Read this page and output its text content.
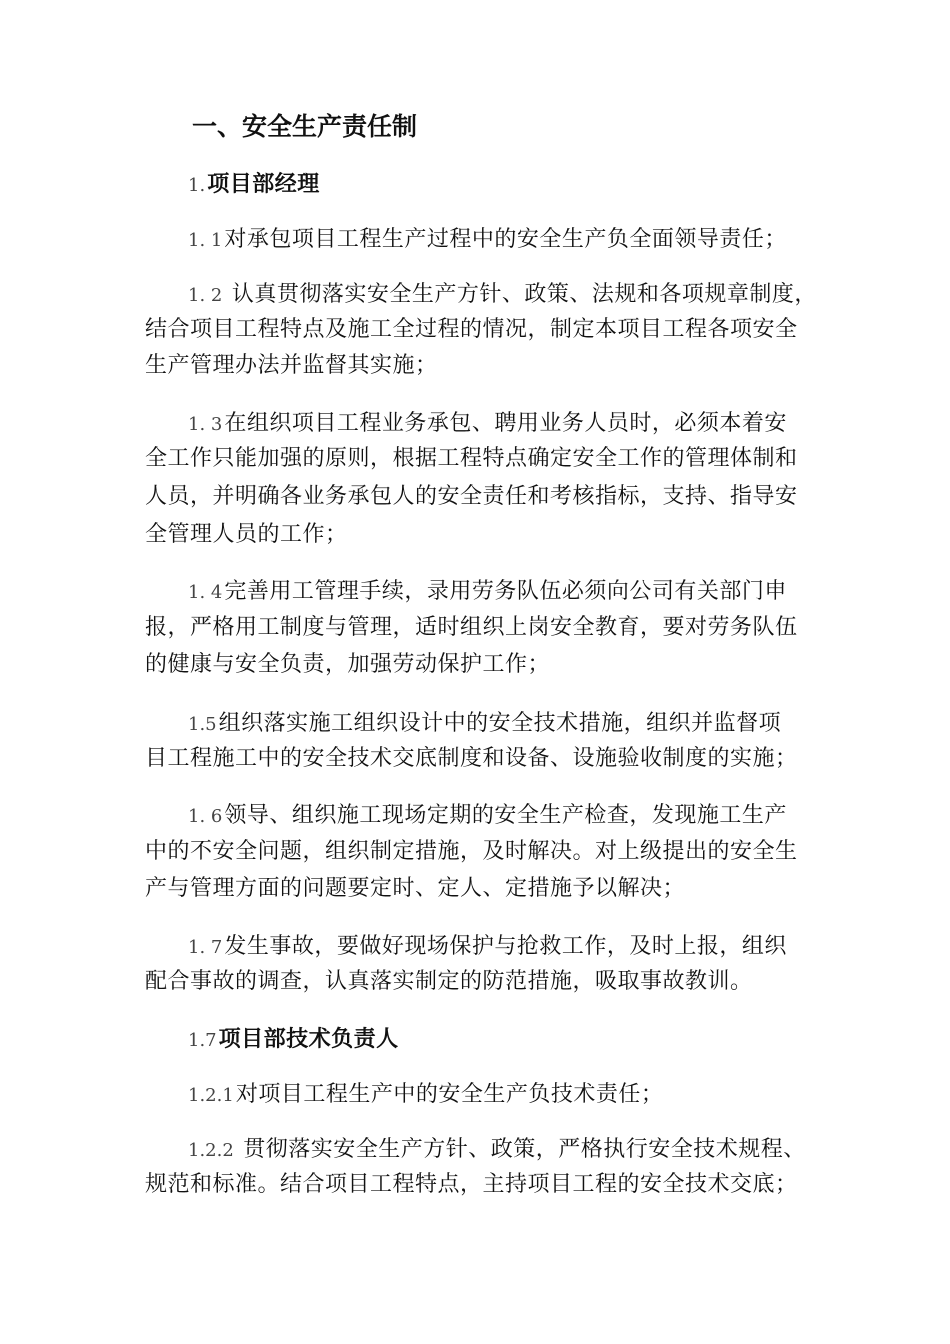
一、安全生产责任制
1.项目部经理
1. 1对承包项目工程生产过程中的安全生产负全面领导责任；
1. 2 认真贯彻落实安全生产方针、政策、法规和各项规章制度，
结合项目工程特点及施工全过程的情况，制定本项目工程各项安全
生产管理办法并监督其实施；
1. 3在组织项目工程业务承包、聘用业务人员时，必须本着安
全工作只能加强的原则，根据工程特点确定安全工作的管理体制和
人员，并明确各业务承包人的安全责任和考核指标，支持、指导安
全管理人员的工作；
1. 4完善用工管理手续，录用劳务队伍必须向公司有关部门申
报，严格用工制度与管理，适时组织上岗安全教育，要对劳务队伍
的健康与安全负责，加强劳动保护工作；
1.5组织落实施工组织设计中的安全技术措施，组织并监督项
目工程施工中的安全技术交底制度和设备、设施验收制度的实施；
1. 6领导、组织施工现场定期的安全生产检查，发现施工生产
中的不安全问题，组织制定措施，及时解决。对上级提出的安全生
产与管理方面的问题要定时、定人、定措施予以解决；
1. 7发生事故，要做好现场保护与抢救工作，及时上报，组织
配合事故的调查，认真落实制定的防范措施，吸取事故教训。
1.7项目部技术负责人
1.2.1对项目工程生产中的安全生产负技术责任；
1.2.2 贯彻落实安全生产方针、政策，严格执行安全技术规程、
规范和标准。结合项目工程特点，主持项目工程的安全技术交底；
